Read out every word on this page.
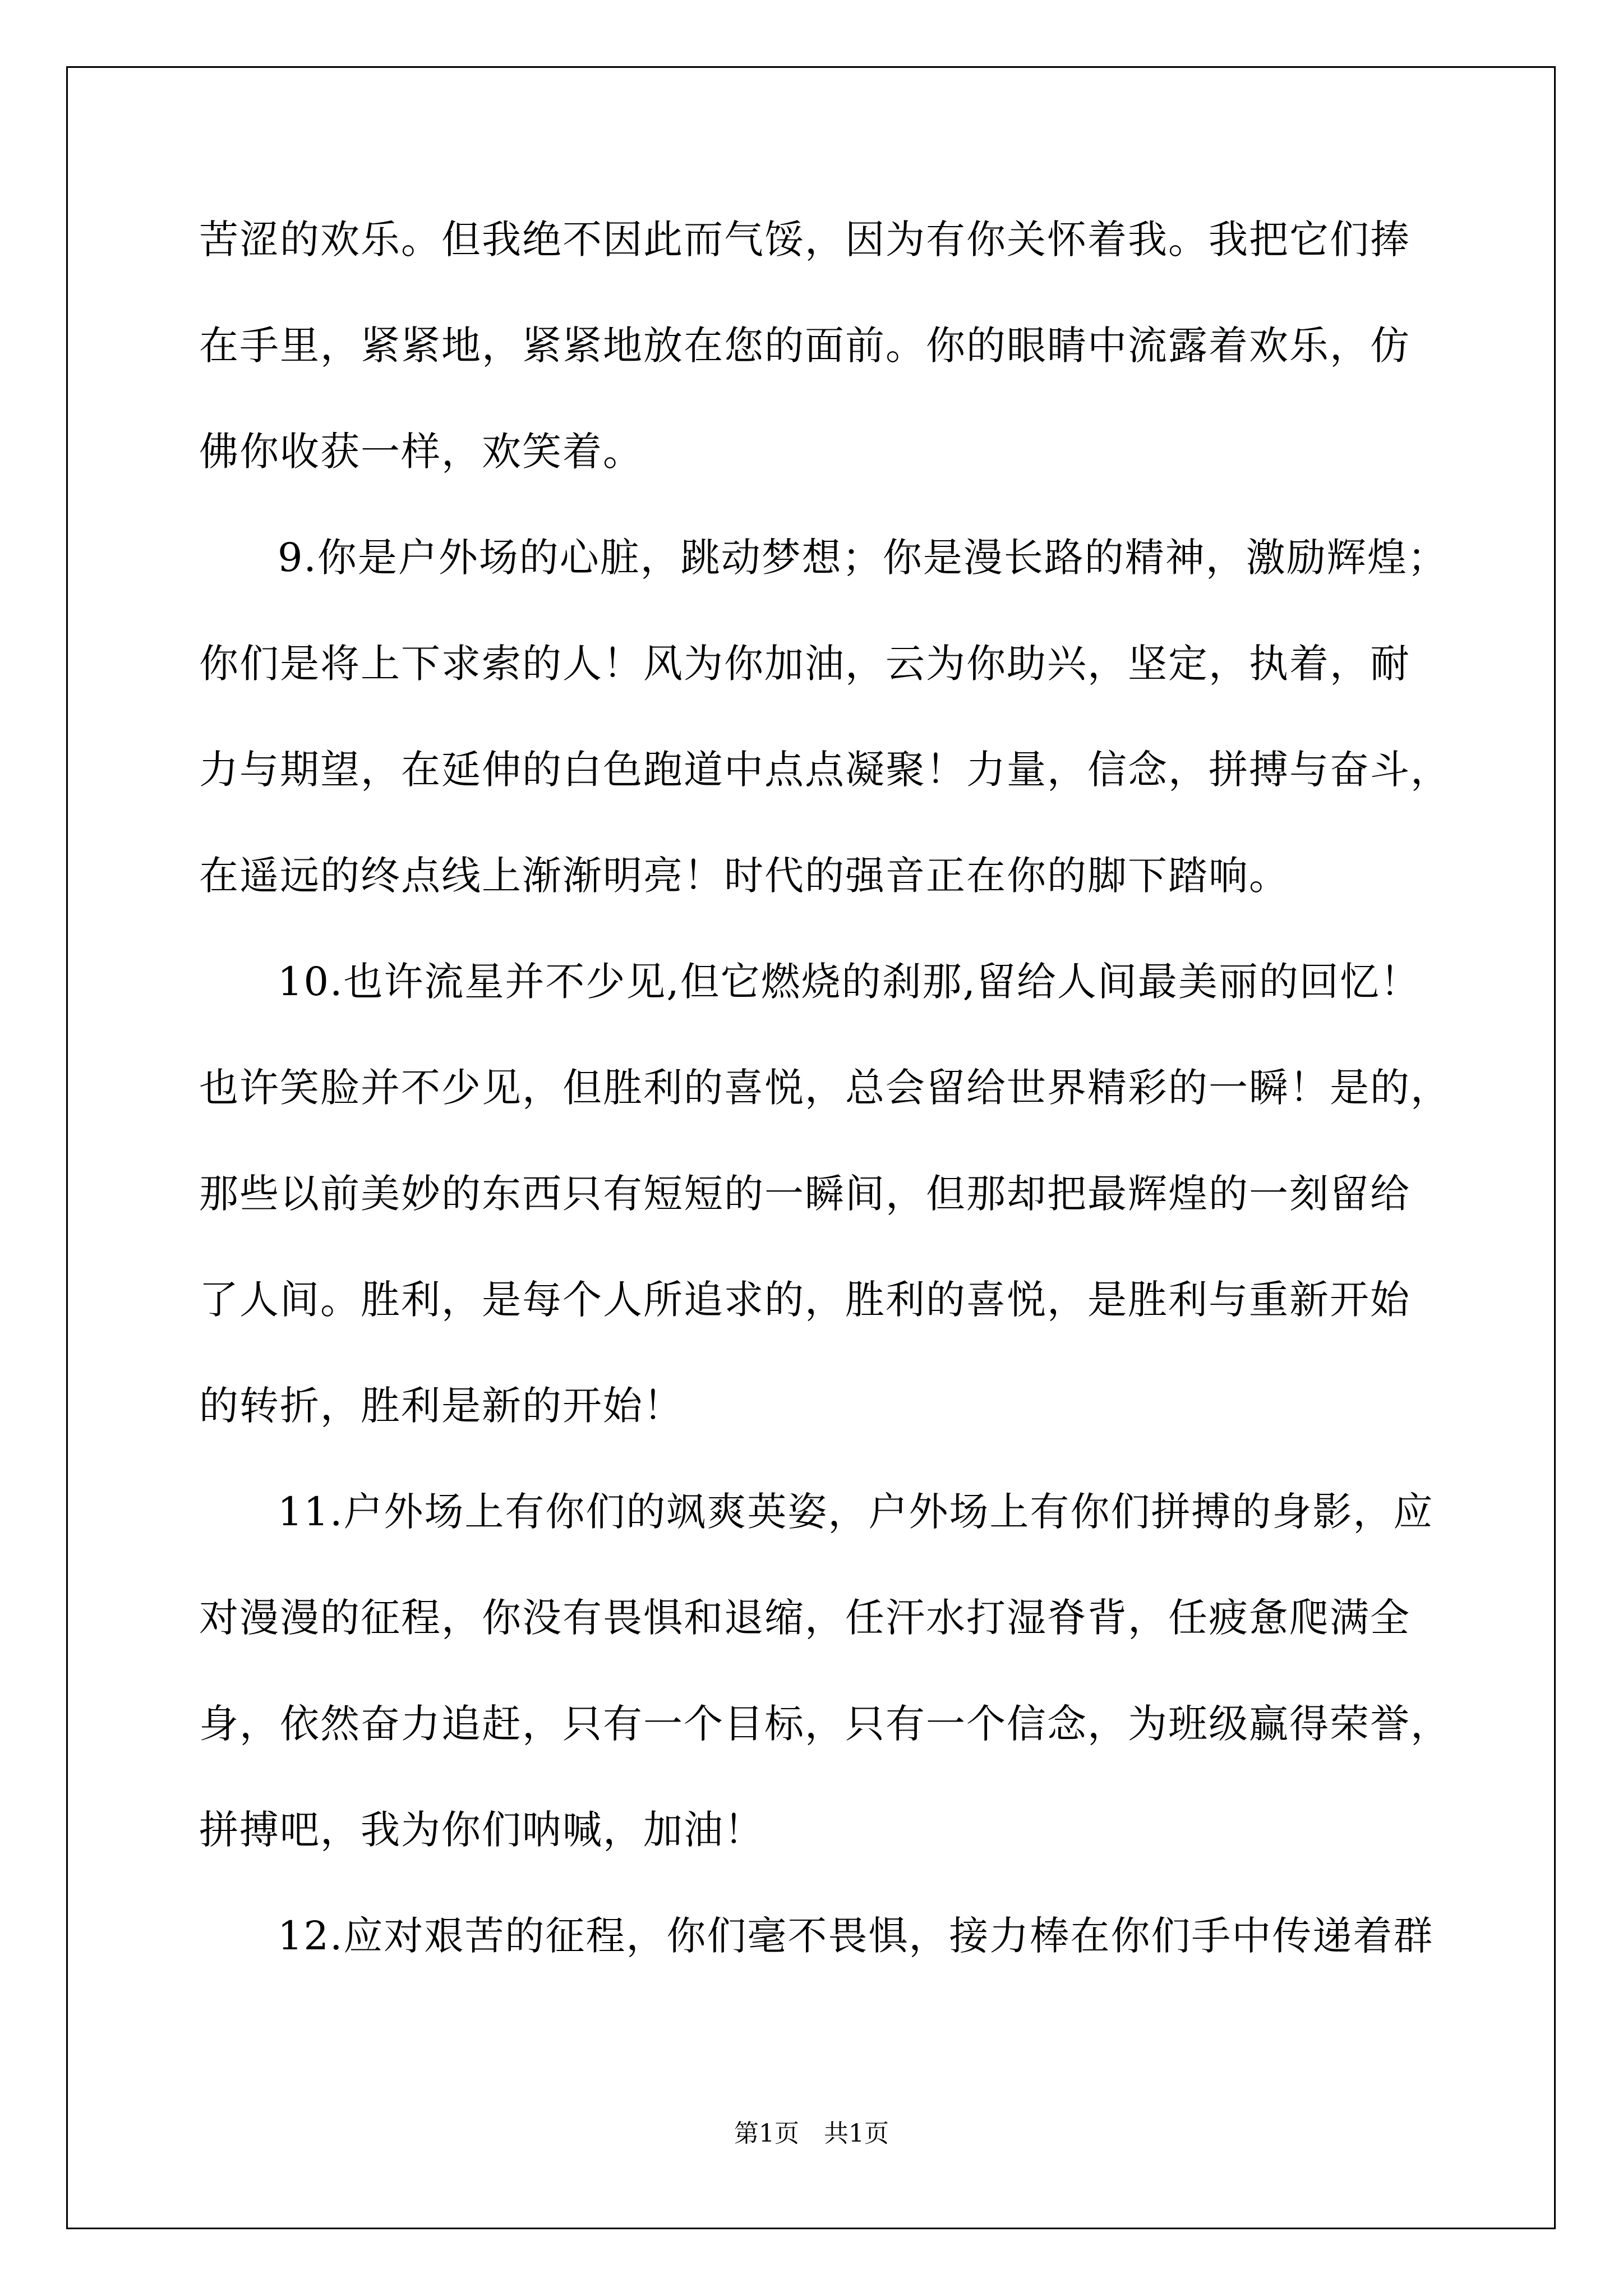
苦涩的欢乐。但我绝不因此而气馁，因为有你关怀着我。我把它们捧
在手里，紧紧地，紧紧地放在您的面前。你的眼睛中流露着欢乐，仿
佛你收获一样，欢笑着。
9.你是户外场的心脏，跳动梦想；你是漫长路的精神，激励辉煌；
你们是将上下求索的人！风为你加油，云为你助兴，坚定，执着，耐
力与期望，在延伸的白色跑道中点点凝聚！力量，信念，拼搏与奋斗，
在遥远的终点线上渐渐明亮！时代的强音正在你的脚下踏响。
10.也许流星并不少见,但它燃烧的刹那,留给人间最美丽的回忆！
也许笑脸并不少见，但胜利的喜悦，总会留给世界精彩的一瞬！是的，
那些以前美妙的东西只有短短的一瞬间，但那却把最辉煌的一刻留给
了人间。胜利，是每个人所追求的，胜利的喜悦，是胜利与重新开始
的转折，胜利是新的开始！
11.户外场上有你们的飒爽英姿，户外场上有你们拼搏的身影，应
对漫漫的征程，你没有畏惧和退缩，任汗水打湿脊背，任疲惫爬满全
身，依然奋力追赶，只有一个目标，只有一个信念，为班级赢得荣誉，
拼搏吧，我为你们呐喊，加油！
12.应对艰苦的征程，你们毫不畏惧，接力棒在你们手中传递着群
第1页　共1页
